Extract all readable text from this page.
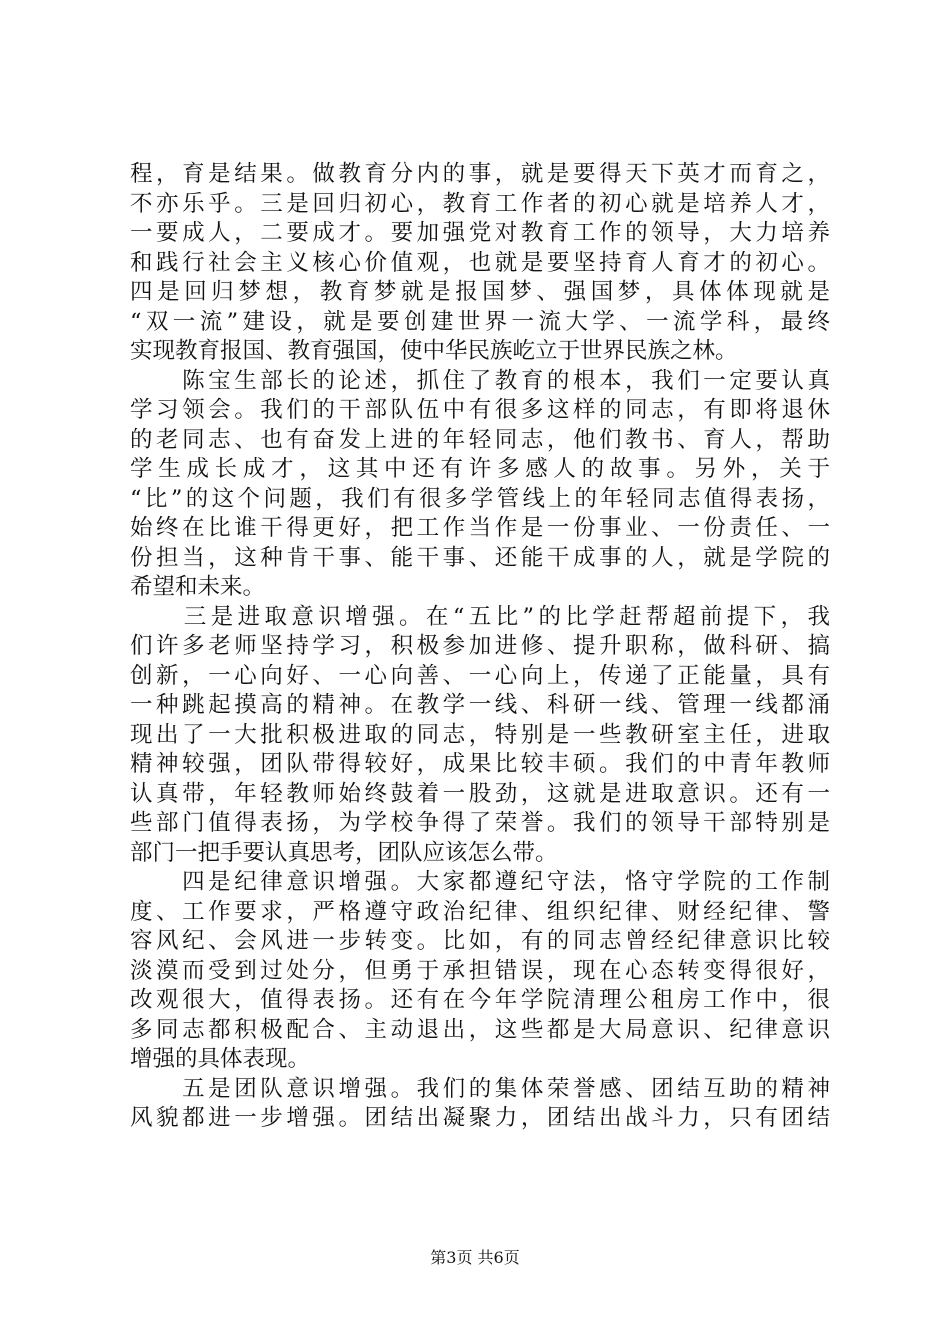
程，育是结果。做教育分内的事，就是要得天下英才而育之，
不亦乐乎。三是回归初心，教育工作者的初心就是培养人才，
一要成人，二要成才。要加强党对教育工作的领导，大力培养
和践行社会主义核心价值观，也就是要坚持育人育才的初心。
四是回归梦想，教育梦就是报国梦、强国梦，具体体现就是
“双一流”建设，就是要创建世界一流大学、一流学科，最终
实现教育报国、教育强国，使中华民族屹立于世界民族之林。
　　陈宝生部长的论述，抓住了教育的根本，我们一定要认真
学习领会。我们的干部队伍中有很多这样的同志，有即将退休
的老同志、也有奋发上进的年轻同志，他们教书、育人，帮助
学生成长成才，这其中还有许多感人的故事。另外，关于
“比”的这个问题，我们有很多学管线上的年轻同志值得表扬，
始终在比谁干得更好，把工作当作是一份事业、一份责任、一
份担当，这种肯干事、能干事、还能干成事的人，就是学院的
希望和未来。
　　三是进取意识增强。在“五比”的比学赶帮超前提下，我
们许多老师坚持学习，积极参加进修、提升职称，做科研、搞
创新，一心向好、一心向善、一心向上，传递了正能量，具有
一种跳起摸高的精神。在教学一线、科研一线、管理一线都涌
现出了一大批积极进取的同志，特别是一些教研室主任，进取
精神较强，团队带得较好，成果比较丰硕。我们的中青年教师
认真带，年轻教师始终鼓着一股劲，这就是进取意识。还有一
些部门值得表扬，为学校争得了荣誉。我们的领导干部特别是
部门一把手要认真思考，团队应该怎么带。
　　四是纪律意识增强。大家都遵纪守法，恪守学院的工作制
度、工作要求，严格遵守政治纪律、组织纪律、财经纪律、警
容风纪、会风进一步转变。比如，有的同志曾经纪律意识比较
淡漠而受到过处分，但勇于承担错误，现在心态转变得很好，
改观很大，值得表扬。还有在今年学院清理公租房工作中，很
多同志都积极配合、主动退出，这些都是大局意识、纪律意识
增强的具体表现。
　　五是团队意识增强。我们的集体荣誉感、团结互助的精神
风貌都进一步增强。团结出凝聚力，团结出战斗力，只有团结
第3页 共6页
